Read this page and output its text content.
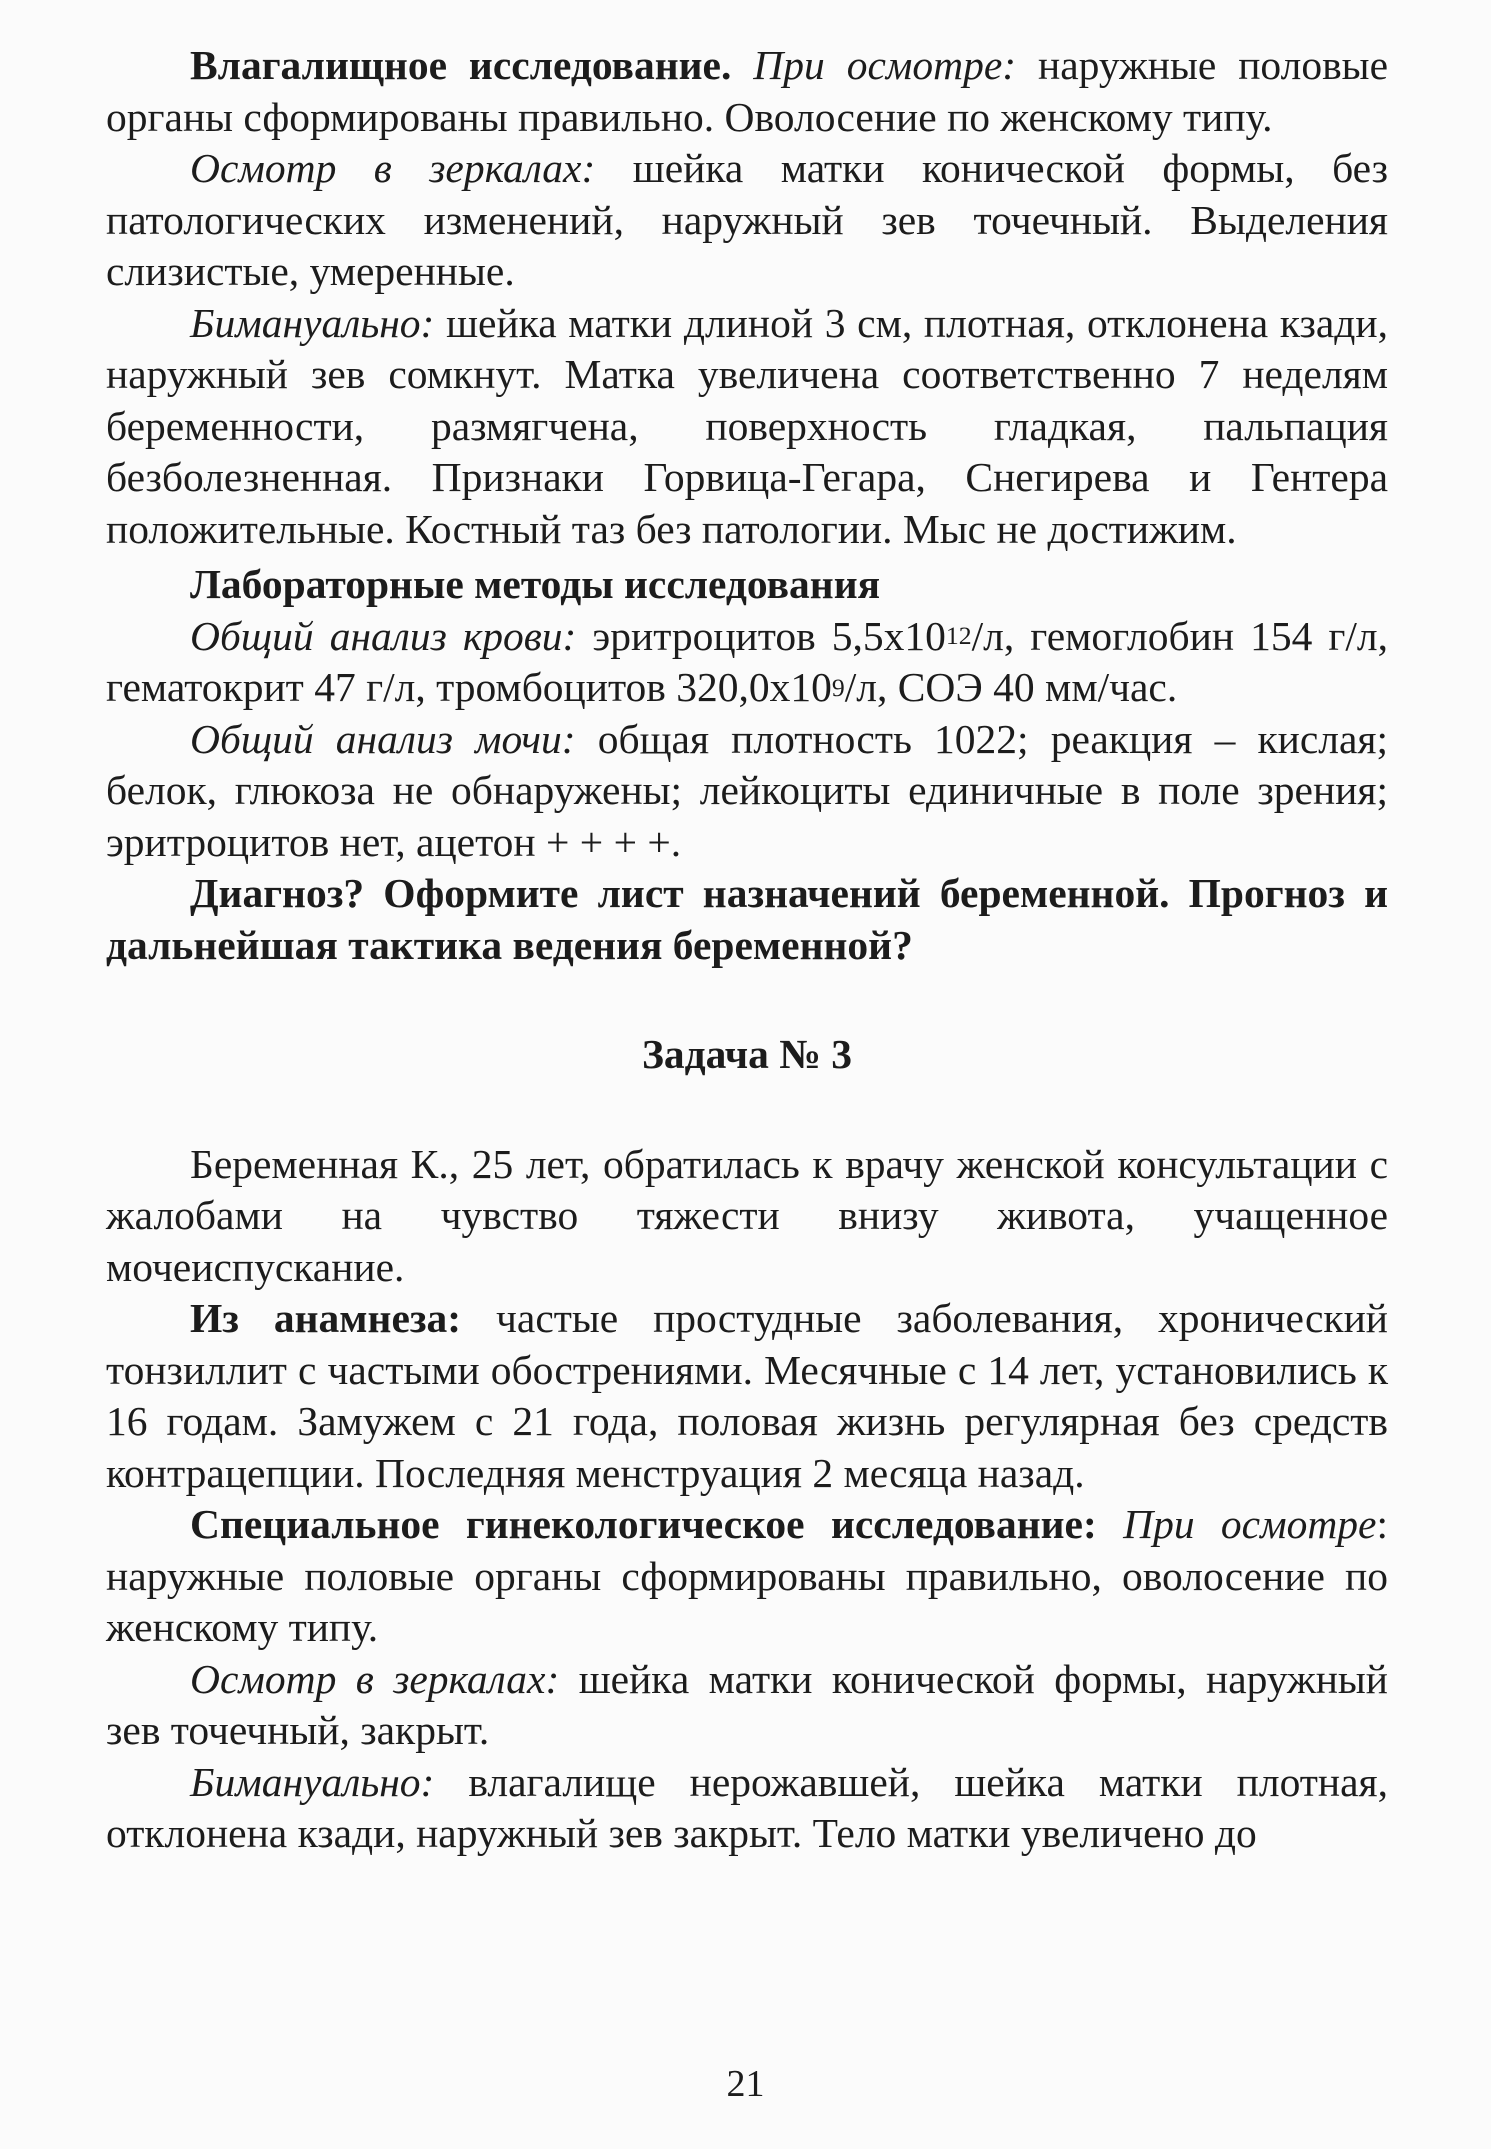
Влагалищное исследование. При осмотре: наружные половые органы сформированы правильно. Оволосение по женскому типу.

Осмотр в зеркалах: шейка матки конической формы, без патологических изменений, наружный зев точечный. Выделения слизистые, умеренные.

Бимануально: шейка матки длиной 3 см, плотная, отклонена кзади, наружный зев сомкнут. Матка увеличена соответственно 7 неделям беременности, размягчена, поверхность гладкая, пальпация безболезненная. Признаки Горвица-Гегара, Снегирева и Гентера положительные. Костный таз без патологии. Мыс не достижим.

Лабораторные методы исследования

Общий анализ крови: эритроцитов $5,5х10^{12}/л$, гемоглобин 154 г/л, гематокрит 47 г/л, тромбоцитов $320,0х10^9/л$, СОЭ 40 мм/час.

Общий анализ мочи: общая плотность 1022; реакция – кислая; белок, глюкоза не обнаружены; лейкоциты единичные в поле зрения; эритроцитов нет, ацетон + + + +.

Диагноз? Оформите лист назначений беременной. Прогноз и дальнейшая тактика ведения беременной?

Задача № 3

Беременная К., 25 лет, обратилась к врачу женской консультации с жалобами на чувство тяжести внизу живота, учащенное мочеиспускание.

Из анамнеза: частые простудные заболевания, хронический тонзиллит с частыми обострениями. Месячные с 14 лет, установились к 16 годам. Замужем с 21 года, половая жизнь регулярная без средств контрацепции. Последняя менструация 2 месяца назад.

Специальное гинекологическое исследование: При осмотре: наружные половые органы сформированы правильно, оволосение по женскому типу.

Осмотр в зеркалах: шейка матки конической формы, наружный зев точечный, закрыт.

Бимануально: влагалище нерожавшей, шейка матки плотная, отклонена кзади, наружный зев закрыт. Тело матки увеличено до

21
